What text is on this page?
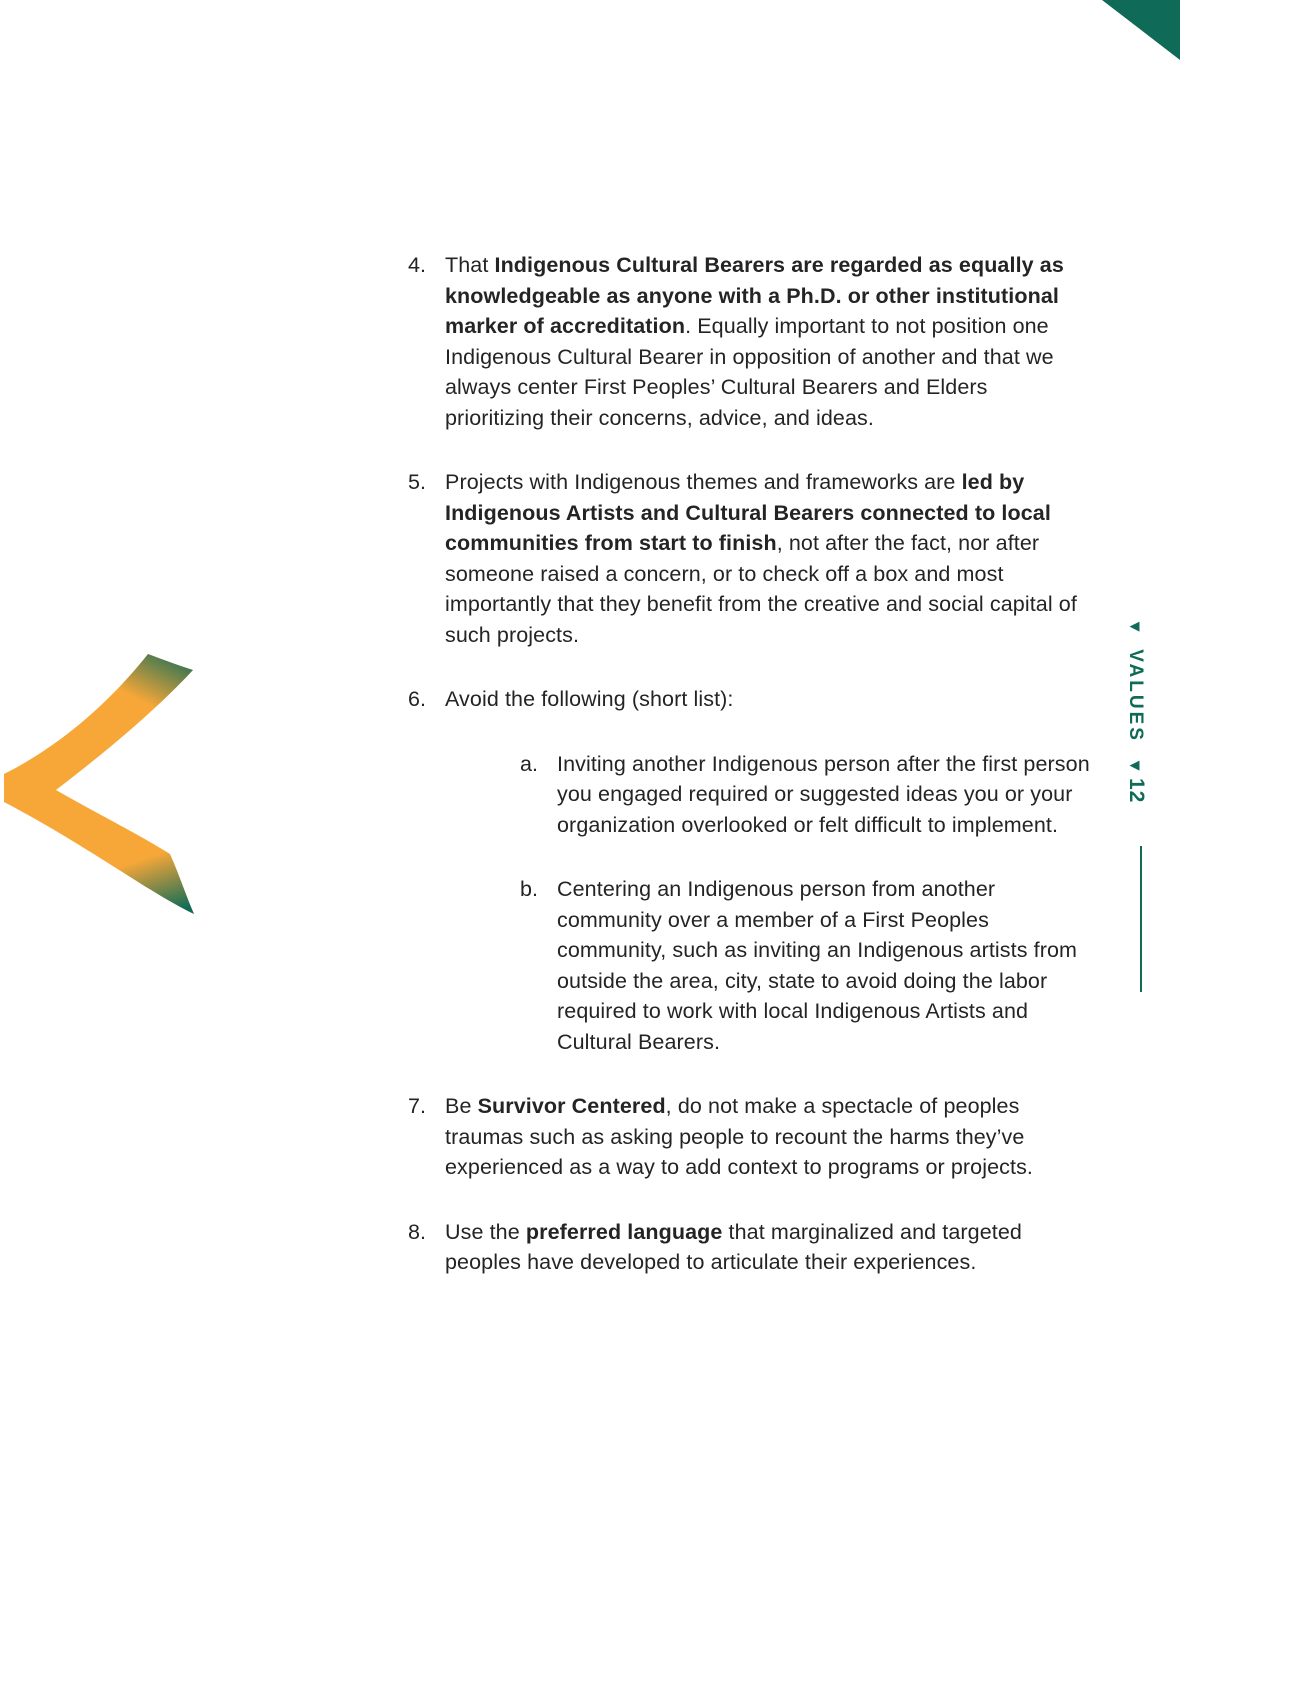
◀ VALUES ◀
12
4. That Indigenous Cultural Bearers are regarded as equally as knowledgeable as anyone with a Ph.D. or other institutional marker of accreditation. Equally important to not position one Indigenous Cultural Bearer in opposition of another and that we always center First Peoples’ Cultural Bearers and Elders prioritizing their concerns, advice, and ideas.
5. Projects with Indigenous themes and frameworks are led by Indigenous Artists and Cultural Bearers connected to local communities from start to finish, not after the fact, nor after someone raised a concern, or to check off a box and most importantly that they benefit from the creative and social capital of such projects.
6. Avoid the following (short list):
a. Inviting another Indigenous person after the first person you engaged required or suggested ideas you or your organization overlooked or felt difficult to implement.
b. Centering an Indigenous person from another community over a member of a First Peoples community, such as inviting an Indigenous artists from outside the area, city, state to avoid doing the labor required to work with local Indigenous Artists and Cultural Bearers.
7. Be Survivor Centered, do not make a spectacle of peoples traumas such as asking people to recount the harms they’ve experienced as a way to add context to programs or projects.
8. Use the preferred language that marginalized and targeted peoples have developed to articulate their experiences.
